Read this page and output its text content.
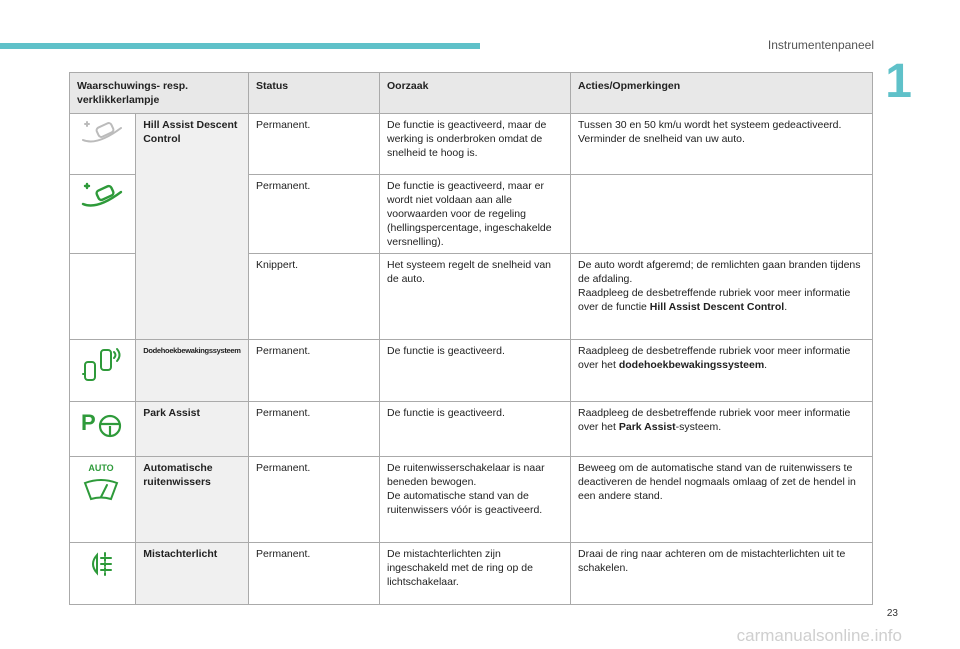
Instrumentenpaneel
1
Waarschuwings- resp. verklikkerlampje		Status	Oorzaak	Acties/Opmerkingen
	Hill Assist Descent Control	Permanent.	De functie is geactiveerd, maar de werking is onderbroken omdat de snelheid te hoog is.	Tussen 30 en 50 km/u wordt het systeem gedeactiveerd.
Verminder de snelheid van uw auto.

	Permanent.	De functie is geactiveerd, maar er wordt niet voldaan aan alle voorwaarden voor de regeling (hellingspercentage, ingeschakelde versnelling).	
		Knippert.	Het systeem regelt de snelheid van de auto.	De auto wordt afgeremd; de remlichten gaan branden tijdens de afdaling.
Raadpleeg de desbetreffende rubriek voor meer informatie over de functie Hill Assist Descent Control.

	Dodehoekbewakingssysteem	Permanent.	De functie is geactiveerd.	Raadpleeg de desbetreffende rubriek voor meer informatie over het dodehoekbewakingssysteem.

P	Park Assist	Permanent.	De functie is geactiveerd.	Raadpleeg de desbetreffende rubriek voor meer informatie over het Park Assist-systeem.

AUTO	Automatische ruitenwissers	Permanent.	De ruitenwisserschakelaar is naar beneden bewogen.
De automatische stand van de ruitenwissers vóór is geactiveerd.	Beweeg om de automatische stand van de ruitenwissers te deactiveren de hendel nogmaals omlaag of zet de hendel in een andere stand.
	Mistachterlicht	Permanent.	De mistachterlichten zijn ingeschakeld met de ring op de lichtschakelaar.	Draai de ring naar achteren om de mistachterlichten uit te schakelen.
23
carmanualsonline.info
